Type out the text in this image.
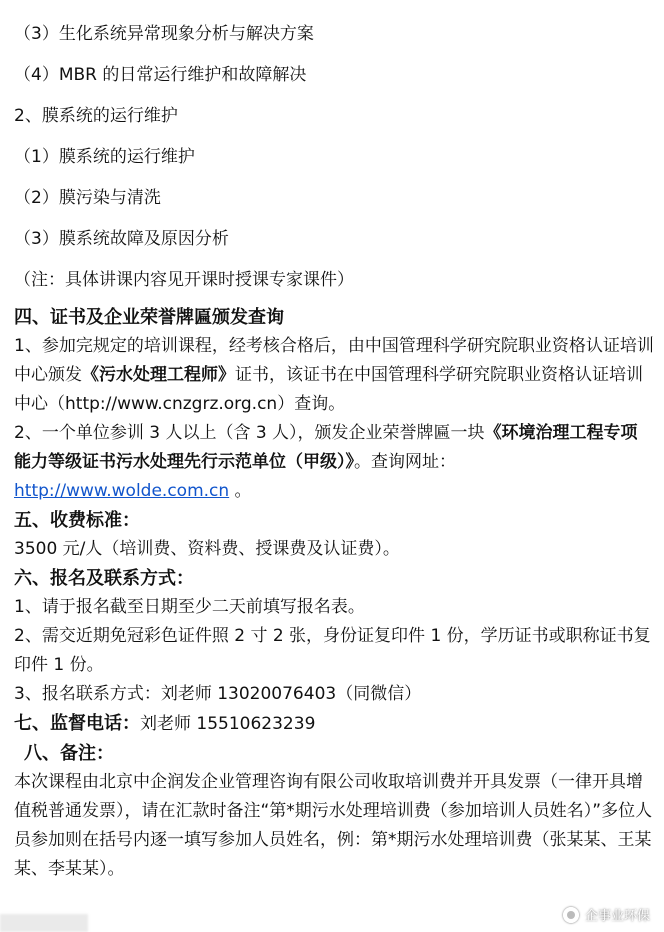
（3）生化系统异常现象分析与解决方案
（4）MBR 的日常运行维护和故障解决
2、膜系统的运行维护
（1）膜系统的运行维护
（2）膜污染与清洗
（3）膜系统故障及原因分析
（注：具体讲课内容见开课时授课专家课件）
四、证书及企业荣誉牌匾颁发查询
1、参加完规定的培训课程，经考核合格后，由中国管理科学研究院职业资格认证培训中心颁发《污水处理工程师》证书，该证书在中国管理科学研究院职业资格认证培训中心（http://www.cnzgrz.org.cn）查询。
2、一个单位参训 3 人以上（含 3 人），颁发企业荣誉牌匾一块《环境治理工程专项能力等级证书污水处理先行示范单位（甲级）》。查询网址：
http://www.wolde.com.cn 。
五、收费标准：
3500 元/人（培训费、资料费、授课费及认证费）。
六、报名及联系方式：
1、请于报名截至日期至少二天前填写报名表。
2、需交近期免冠彩色证件照 2 寸 2 张，身份证复印件 1 份，学历证书或职称证书复印件 1 份。
3、报名联系方式：刘老师 13020076403（同微信）
七、监督电话：刘老师 15510623239
八、备注：
本次课程由北京中企润发企业管理咨询有限公司收取培训费并开具发票（一律开具增值税普通发票），请在汇款时备注“第*期污水处理培训费（参加培训人员姓名）”多位人员参加则在括号内逐一填写参加人员姓名，例：第*期污水处理培训费（张某某、王某某、李某某）。
企事业环保
